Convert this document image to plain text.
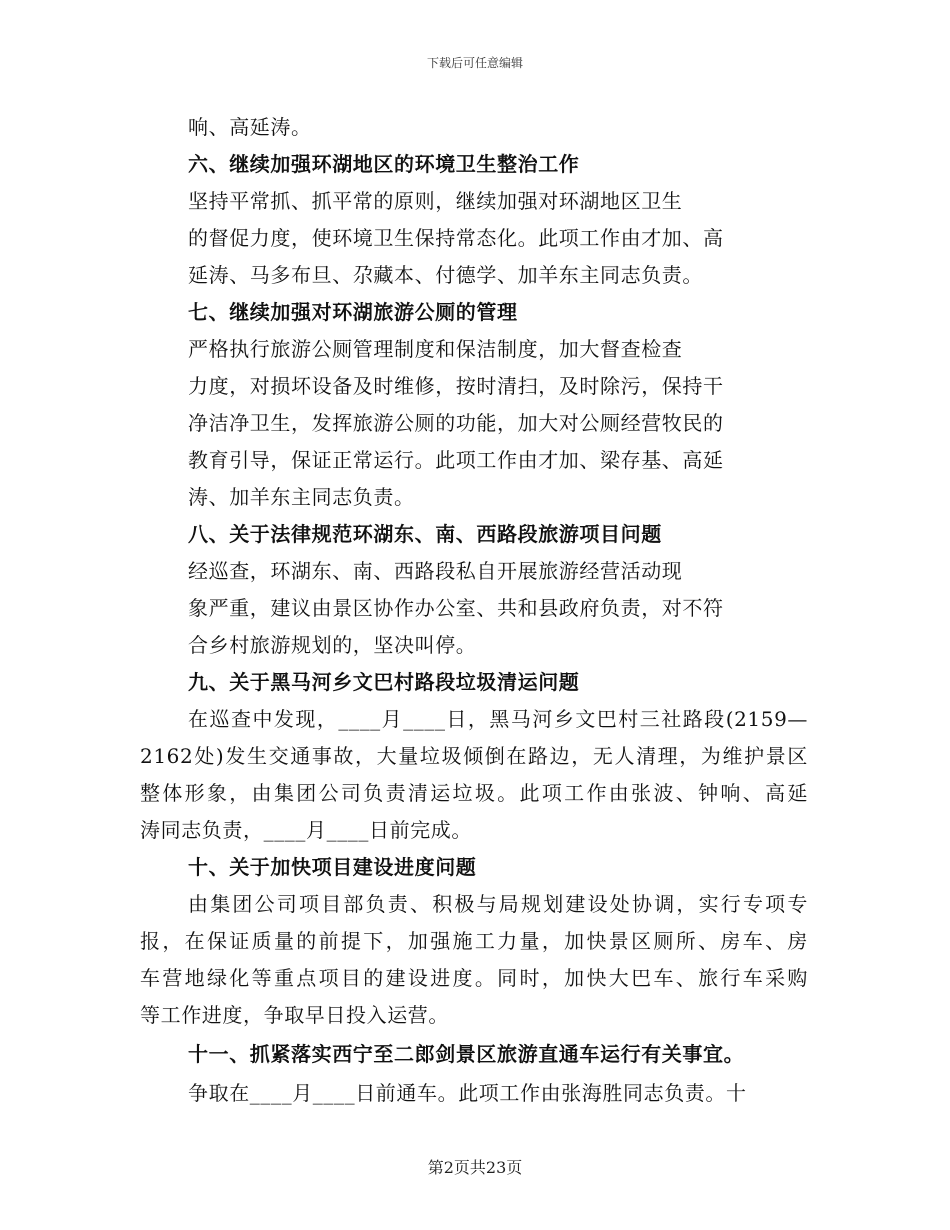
下载后可任意编辑
响、高延涛。
六、继续加强环湖地区的环境卫生整治工作
坚持平常抓、抓平常的原则，继续加强对环湖地区卫生
的督促力度，使环境卫生保持常态化。此项工作由才加、高
延涛、马多布旦、尕藏本、付德学、加羊东主同志负责。
七、继续加强对环湖旅游公厕的管理
严格执行旅游公厕管理制度和保洁制度，加大督查检查
力度，对损坏设备及时维修，按时清扫，及时除污，保持干
净洁净卫生，发挥旅游公厕的功能，加大对公厕经营牧民的
教育引导，保证正常运行。此项工作由才加、梁存基、高延
涛、加羊东主同志负责。
八、关于法律规范环湖东、南、西路段旅游项目问题
经巡查，环湖东、南、西路段私自开展旅游经营活动现
象严重，建议由景区协作办公室、共和县政府负责，对不符
合乡村旅游规划的，坚决叫停。
九、关于黑马河乡文巴村路段垃圾清运问题
在巡查中发现，____月____日，黑马河乡文巴村三社路段(2159—
2162处)发生交通事故，大量垃圾倾倒在路边，无人清理，为维护景区
整体形象，由集团公司负责清运垃圾。此项工作由张波、钟响、高延
涛同志负责，____月____日前完成。
十、关于加快项目建设进度问题
由集团公司项目部负责、积极与局规划建设处协调，实行专项专
报，在保证质量的前提下，加强施工力量，加快景区厕所、房车、房
车营地绿化等重点项目的建设进度。同时，加快大巴车、旅行车采购
等工作进度，争取早日投入运营。
十一、抓紧落实西宁至二郎剑景区旅游直通车运行有关事宜。
争取在____月____日前通车。此项工作由张海胜同志负责。十
第2页共23页
